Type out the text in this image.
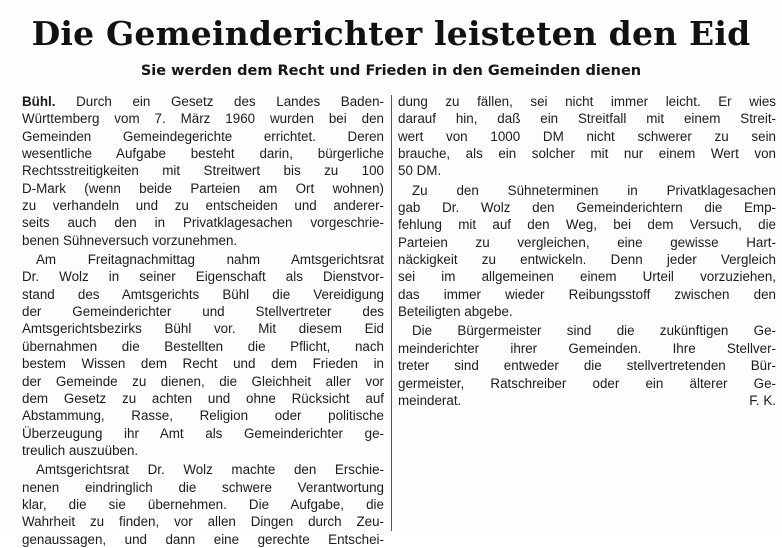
Die Gemeinderichter leisteten den Eid
Sie werden dem Recht und Frieden in den Gemeinden dienen
Bühl. Durch ein Gesetz des Landes Baden-
Württemberg vom 7. März 1960 wurden bei den
Gemeinden Gemeindegerichte errichtet. Deren
wesentliche Aufgabe besteht darin, bürgerliche
Rechtsstreitigkeiten mit Streitwert bis zu 100
D-Mark (wenn beide Parteien am Ort wohnen)
zu verhandeln und zu entscheiden und anderer-
seits auch den in Privatklagesachen vorgeschrie-
benen Sühneversuch vorzunehmen.
Am Freitagnachmittag nahm Amtsgerichtsrat
Dr. Wolz in seiner Eigenschaft als Dienstvor-
stand des Amtsgerichts Bühl die Vereidigung
der Gemeinderichter und Stellvertreter des
Amtsgerichtsbezirks Bühl vor. Mit diesem Eid
übernahmen die Bestellten die Pflicht, nach
bestem Wissen dem Recht und dem Frieden in
der Gemeinde zu dienen, die Gleichheit aller vor
dem Gesetz zu achten und ohne Rücksicht auf
Abstammung, Rasse, Religion oder politische
Überzeugung ihr Amt als Gemeinderichter ge-
treulich auszuüben.
Amtsgerichtsrat Dr. Wolz machte den Erschie-
nenen eindringlich die schwere Verantwortung
klar, die sie übernehmen. Die Aufgabe, die
Wahrheit zu finden, vor allen Dingen durch Zeu-
genaussagen, und dann eine gerechte Entschei-
dung zu fällen, sei nicht immer leicht. Er wies
darauf hin, daß ein Streitfall mit einem Streit-
wert von 1000 DM nicht schwerer zu sein
brauche, als ein solcher mit nur einem Wert von
50 DM.
Zu den Sühneterminen in Privatklagesachen
gab Dr. Wolz den Gemeinderichtern die Emp-
fehlung mit auf den Weg, bei dem Versuch, die
Parteien zu vergleichen, eine gewisse Hart-
näckigkeit zu entwickeln. Denn jeder Vergleich
sei im allgemeinen einem Urteil vorzuziehen,
das immer wieder Reibungsstoff zwischen den
Beteiligten abgebe.
Die Bürgermeister sind die zukünftigen Ge-
meinderichter ihrer Gemeinden. Ihre Stellver-
treter sind entweder die stellvertretenden Bür-
germeister, Ratschreiber oder ein älterer Ge-
meinderat.	F. K.
